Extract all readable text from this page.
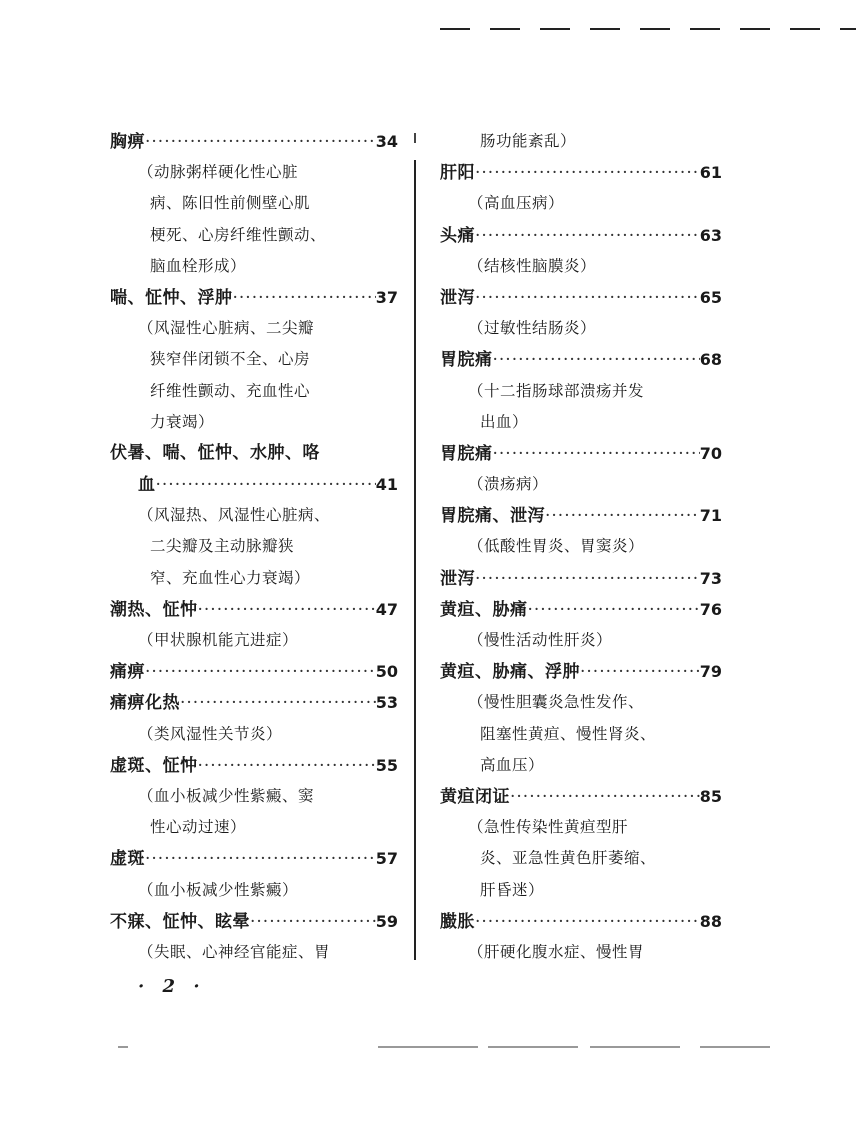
胸痹 ·····	34
（动脉粥样硬化性心脏
病、陈旧性前侧壁心肌
梗死、心房纤维性颤动、
脑血栓形成）
喘、怔忡、浮肿 ·····	37
（风湿性心脏病、二尖瓣
狭窄伴闭锁不全、心房
纤维性颤动、充血性心
力衰竭）
伏暑、喘、怔忡、水肿、咯
血 ·····	41
（风湿热、风湿性心脏病、
二尖瓣及主动脉瓣狭
窄、充血性心力衰竭）
潮热、怔忡 ·····	47
（甲状腺机能亢进症）
痛痹 ·····	50
痛痹化热 ·····	53
（类风湿性关节炎）
虚斑、怔忡 ·····	55
（血小板减少性紫癜、窦
性心动过速）
虚斑 ·····	57
（血小板减少性紫癜）
不寐、怔忡、眩晕 ·····	59
（失眠、心神经官能症、胃
肠功能紊乱）
肝阳 ·····	61
（高血压病）
头痛 ·····	63
（结核性脑膜炎）
泄泻 ·····	65
（过敏性结肠炎）
胃脘痛 ·····	68
（十二指肠球部溃疡并发
出血）
胃脘痛 ·····	70
（溃疡病）
胃脘痛、泄泻 ·····	71
（低酸性胃炎、胃窦炎）
泄泻 ·····	73
黄疸、胁痛 ·····	76
（慢性活动性肝炎）
黄疸、胁痛、浮肿 ·····	79
（慢性胆囊炎急性发作、
阻塞性黄疸、慢性肾炎、
高血压）
黄疸闭证 ·····	85
（急性传染性黄疸型肝
炎、亚急性黄色肝萎缩、
肝昏迷）
臌胀 ·····	88
（肝硬化腹水症、慢性胃
· 2 ·
